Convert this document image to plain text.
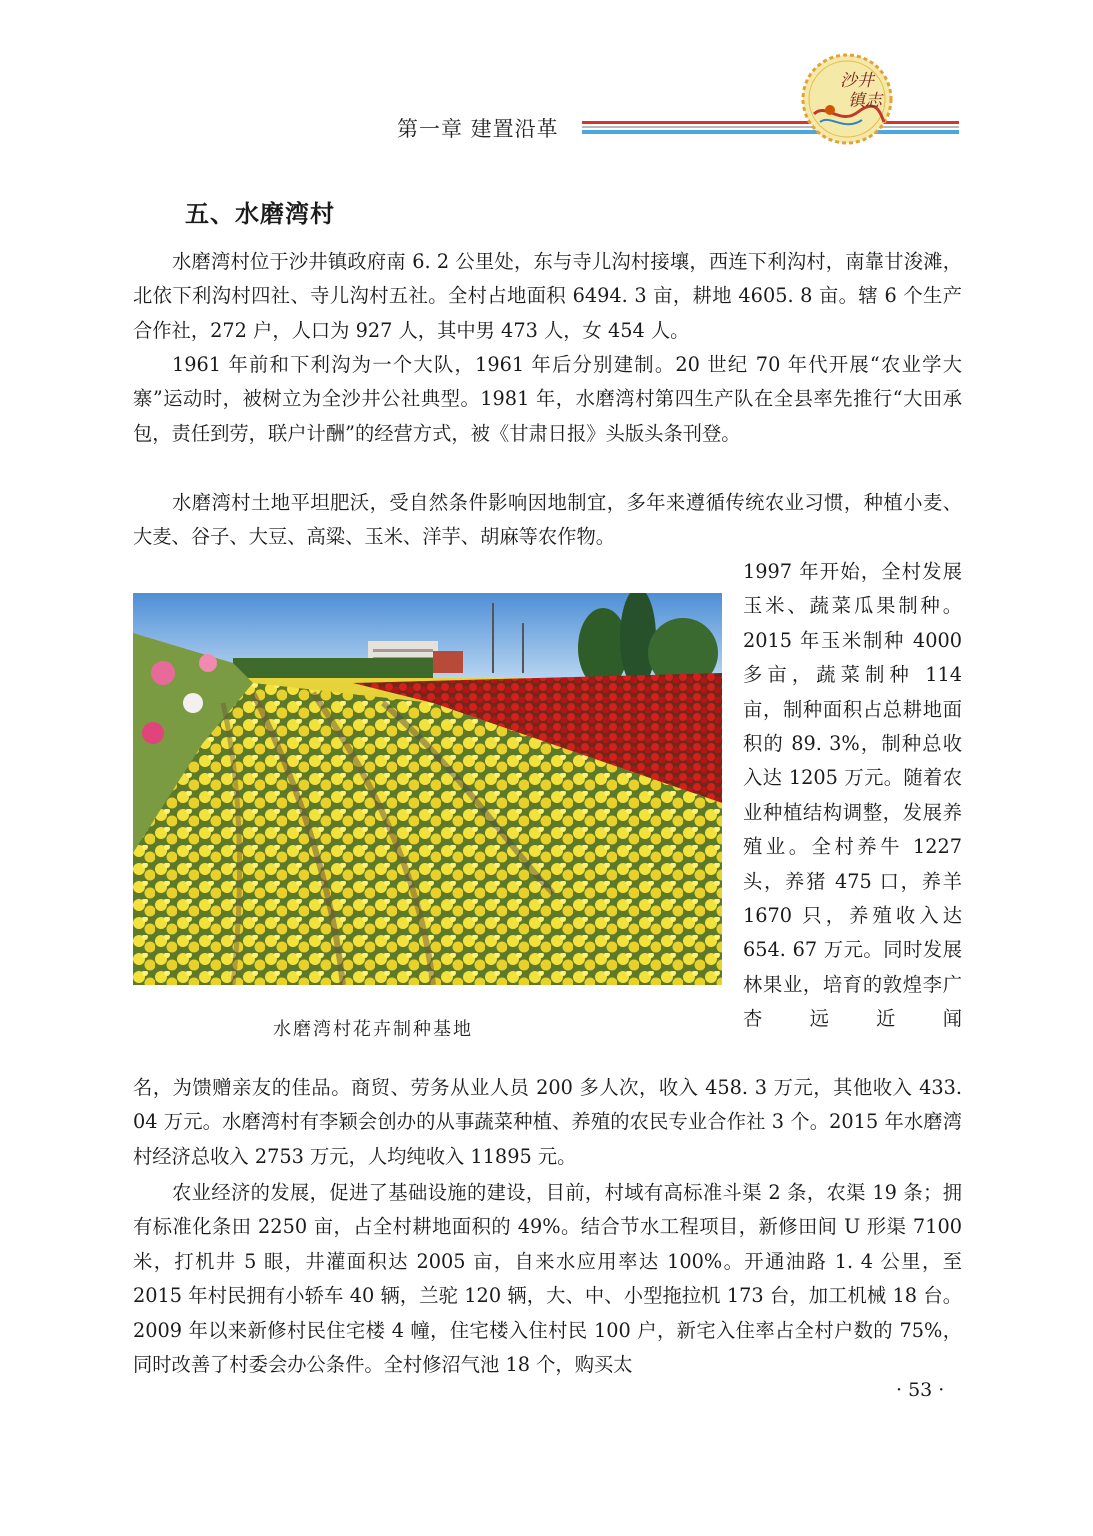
第一章 建置沿革
沙井
镇志
五、水磨湾村

水磨湾村位于沙井镇政府南 6. 2 公里处，东与寺儿沟村接壤，西连下利沟村，南靠甘浚滩，北依下利沟村四社、寺儿沟村五社。全村占地面积 6494. 3 亩，耕地 4605. 8 亩。辖 6 个生产合作社，272 户，人口为 927 人，其中男 473 人，女 454 人。

1961 年前和下利沟为一个大队，1961 年后分别建制。20 世纪 70 年代开展“农业学大寨”运动时，被树立为全沙井公社典型。1981 年，水磨湾村第四生产队在全县率先推行“大田承包，责任到劳，联户计酬”的经营方式，被《甘肃日报》头版头条刊登。

水磨湾村土地平坦肥沃，受自然条件影响因地制宜，多年来遵循传统农业习惯，种植小麦、大麦、谷子、大豆、高粱、玉米、洋芋、胡麻等农作物。

水磨湾村花卉制种基地

1997 年开始，全村发展玉米、蔬菜瓜果制种。2015 年玉米制种 4000 多亩，蔬菜制种 114 亩，制种面积占总耕地面积的 89. 3%，制种总收入达 1205 万元。随着农业种植结构调整，发展养殖业。全村养牛 1227 头，养猪 475 口，养羊 1670 只，养殖收入达 654. 67 万元。同时发展林果业，培育的敦煌李广杏远近闻

名，为馈赠亲友的佳品。商贸、劳务从业人员 200 多人次，收入 458. 3 万元，其他收入 433. 04 万元。水磨湾村有李颖会创办的从事蔬菜种植、养殖的农民专业合作社 3 个。2015 年水磨湾村经济总收入 2753 万元，人均纯收入 11895 元。

农业经济的发展，促进了基础设施的建设，目前，村域有高标准斗渠 2 条，农渠 19 条；拥有标准化条田 2250 亩，占全村耕地面积的 49%。结合节水工程项目，新修田间 U 形渠 7100 米，打机井 5 眼，井灌面积达 2005 亩，自来水应用率达 100%。开通油路 1. 4 公里，至 2015 年村民拥有小轿车 40 辆，兰驼 120 辆，大、中、小型拖拉机 173 台，加工机械 18 台。2009 年以来新修村民住宅楼 4 幢，住宅楼入住村民 100 户，新宅入住率占全村户数的 75%，同时改善了村委会办公条件。全村修沼气池 18 个，购买太

· 53 ·
